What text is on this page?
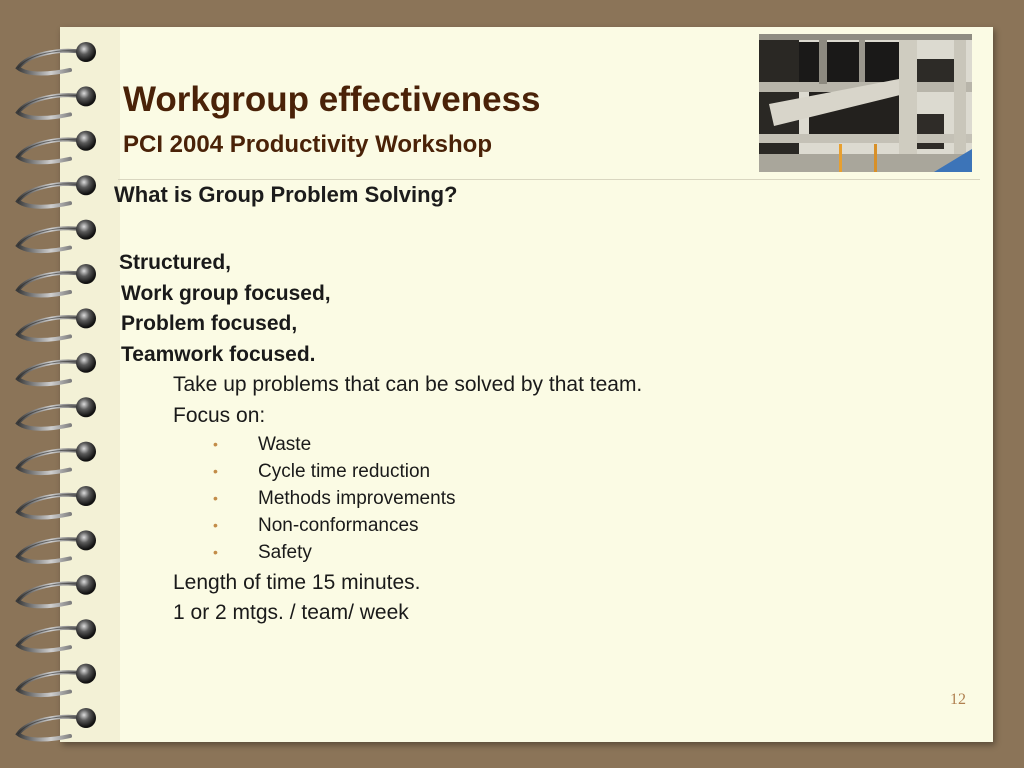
Workgroup effectiveness
PCI 2004 Productivity Workshop

What is Group Problem Solving?

Structured,

Work group focused,

Problem focused,

Teamwork focused.

Take up problems that can be solved by that team.

Focus on:

• Waste

• Cycle time reduction

• Methods improvements

• Non-conformances

• Safety

Length of time 15 minutes.

1 or 2 mtgs. / team/ week

12
